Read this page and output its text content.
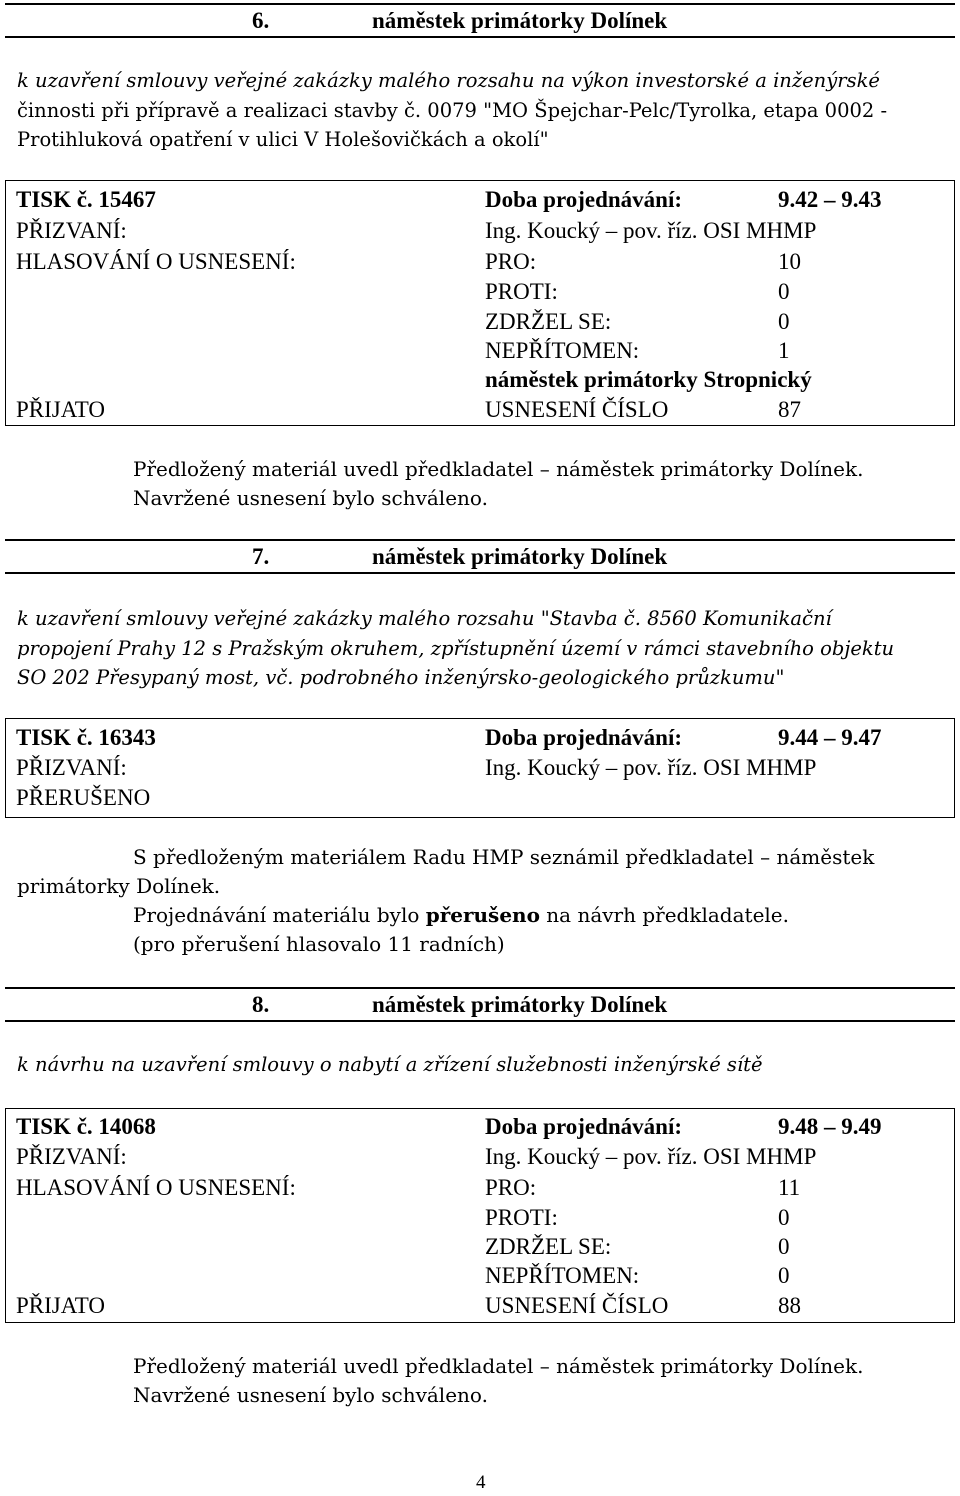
6.	náměstek primátorky Dolínek
k uzavření smlouvy veřejné zakázky malého rozsahu na výkon investorské a inženýrské
činnosti při přípravě a realizaci stavby č. 0079 "MO Špejchar-Pelc/Tyrolka, etapa 0002 -
Protihluková opatření v ulici V Holešovičkách a okolí"
TISK č. 15467	Doba projednávání:	9.42 – 9.43
PŘIZVANÍ:	Ing. Koucký – pov. říz. OSI MHMP
HLASOVÁNÍ O USNESENÍ:	PRO:	10
PROTI:	0
ZDRŽEL SE:	0
NEPŘÍTOMEN:	1
náměstek primátorky Stropnický
PŘIJATO	USNESENÍ ČÍSLO	87
Předložený materiál uvedl předkladatel – náměstek primátorky Dolínek.
Navržené usnesení bylo schváleno.
7.	náměstek primátorky Dolínek
k uzavření smlouvy veřejné zakázky malého rozsahu "Stavba č. 8560 Komunikační
propojení Prahy 12 s Pražským okruhem, zpřístupnění území v rámci stavebního objektu
SO 202 Přesypaný most, vč. podrobného inženýrsko-geologického průzkumu"
TISK č. 16343	Doba projednávání:	9.44 – 9.47
PŘIZVANÍ:	Ing. Koucký – pov. říz. OSI MHMP
PŘERUŠENO
S předloženým materiálem Radu HMP seznámil předkladatel – náměstek
primátorky Dolínek.
Projednávání materiálu bylo přerušeno na návrh předkladatele.
(pro přerušení hlasovalo 11 radních)
8.	náměstek primátorky Dolínek
k návrhu na uzavření smlouvy o nabytí a zřízení služebnosti inženýrské sítě
TISK č. 14068	Doba projednávání:	9.48 – 9.49
PŘIZVANÍ:	Ing. Koucký – pov. říz. OSI MHMP
HLASOVÁNÍ O USNESENÍ:	PRO:	11
PROTI:	0
ZDRŽEL SE:	0
NEPŘÍTOMEN:	0
PŘIJATO	USNESENÍ ČÍSLO	88
Předložený materiál uvedl předkladatel – náměstek primátorky Dolínek.
Navržené usnesení bylo schváleno.
4
